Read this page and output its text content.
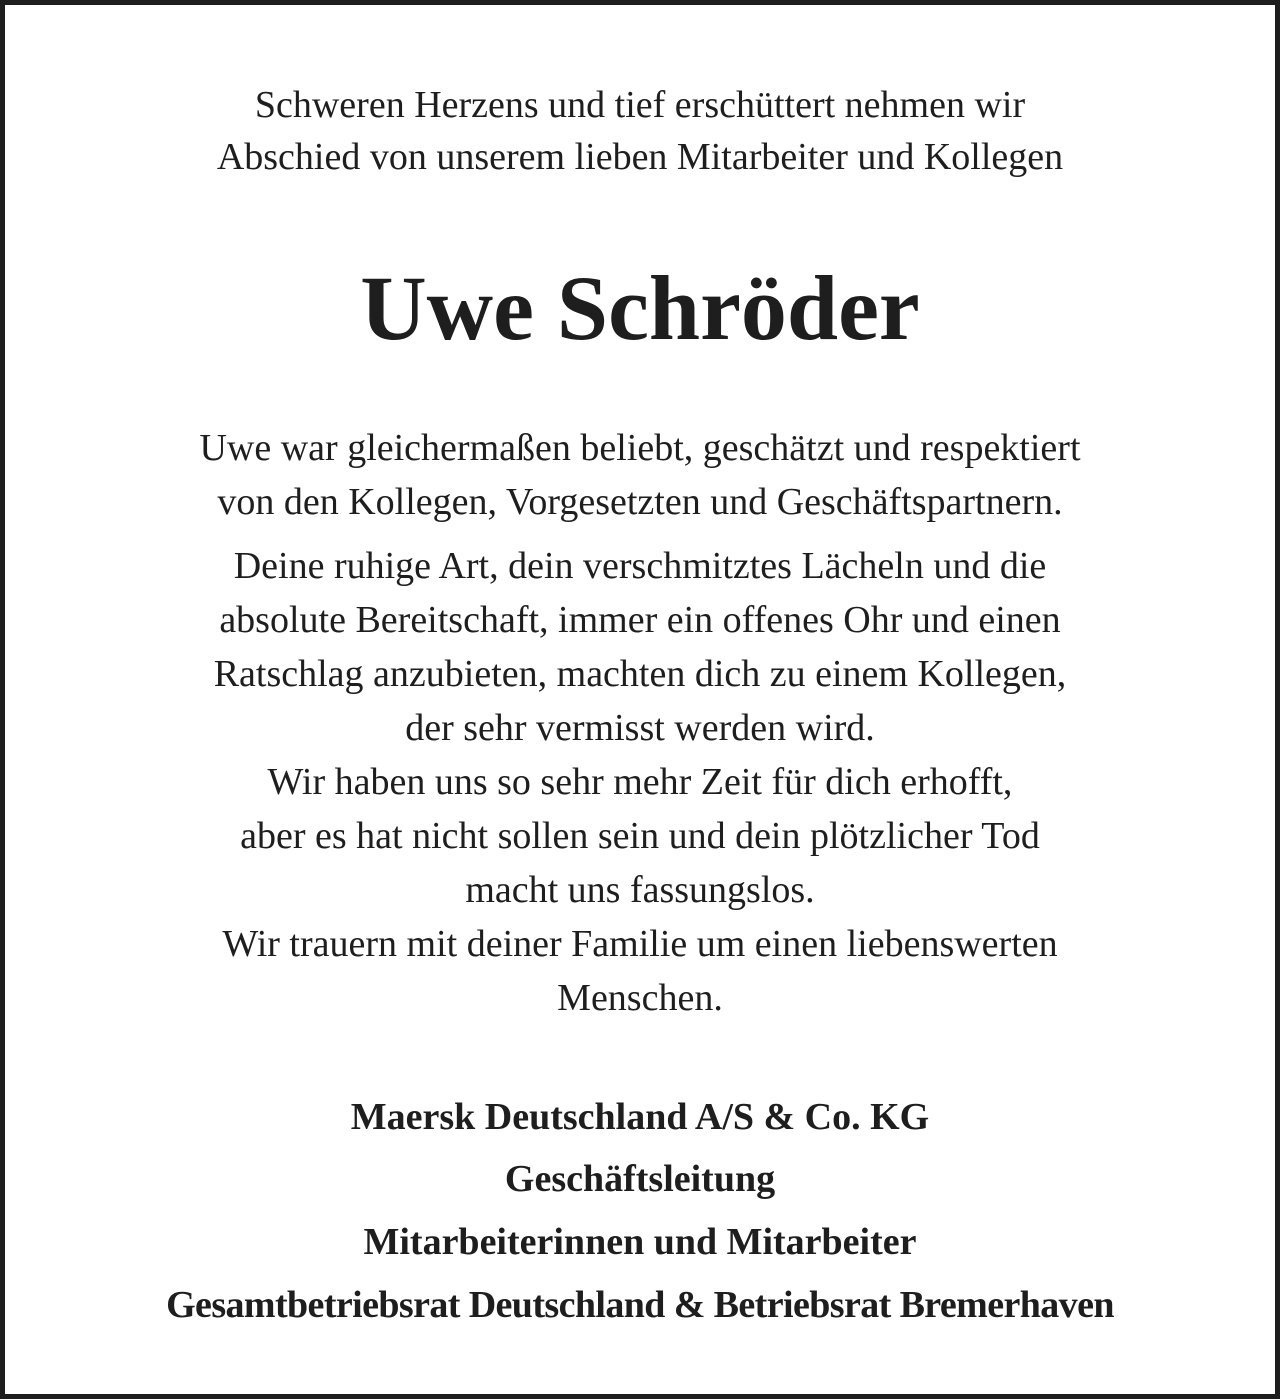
Schweren Herzens und tief erschüttert nehmen wir
Abschied von unserem lieben Mitarbeiter und Kollegen
Uwe Schröder
Uwe war gleichermaßen beliebt, geschätzt und respektiert
von den Kollegen, Vorgesetzten und Geschäftspartnern.
Deine ruhige Art, dein verschmitztes Lächeln und die
absolute Bereitschaft, immer ein offenes Ohr und einen
Ratschlag anzubieten, machten dich zu einem Kollegen,
der sehr vermisst werden wird.
Wir haben uns so sehr mehr Zeit für dich erhofft,
aber es hat nicht sollen sein und dein plötzlicher Tod
macht uns fassungslos.
Wir trauern mit deiner Familie um einen liebenswerten
Menschen.
Maersk Deutschland A/S & Co. KG
Geschäftsleitung
Mitarbeiterinnen und Mitarbeiter
Gesamtbetriebsrat Deutschland & Betriebsrat Bremerhaven
